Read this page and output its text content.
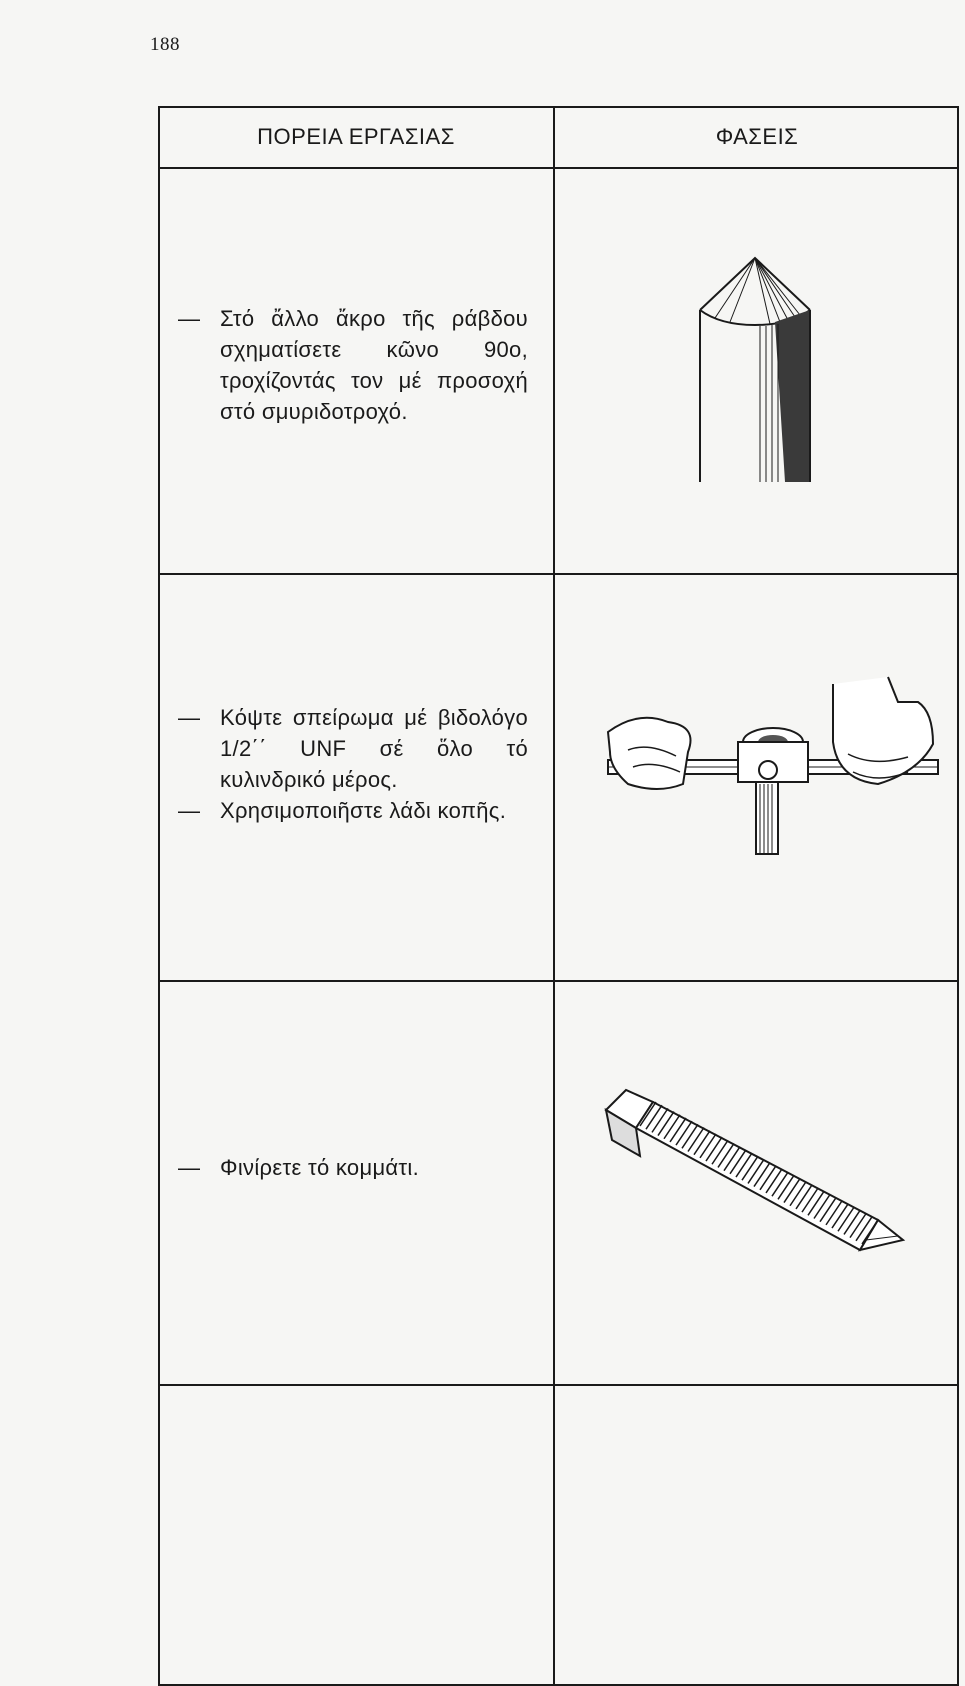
188
ΠΟΡΕΙΑ ΕΡΓΑΣΙΑΣ	ΦΑΣΕΙΣ
— Στό ἄλλο ἄκρο τῆς ράβδου σχηματίσετε κῶνο 90ο, τροχίζοντάς τον μέ προσοχή στό σμυριδοτροχό.
— Κόψτε σπείρωμα μέ βιδολόγο 1/2΄΄ UNF σέ ὅλο τό κυλινδρικό μέρος.
— Χρησιμοποιῆστε λάδι κοπῆς.
— Φινίρετε τό κομμάτι.
